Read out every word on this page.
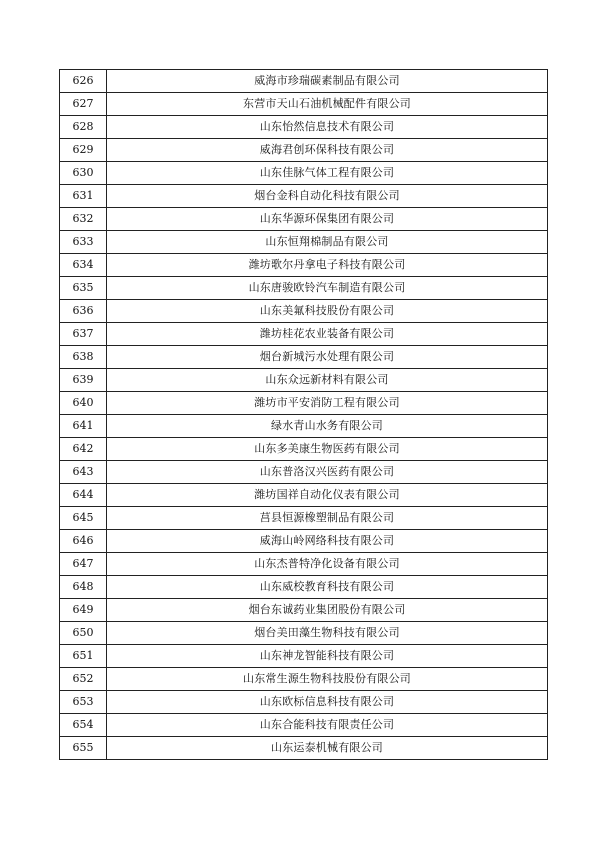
626	威海市珍瑞碳素制品有限公司
627	东营市天山石油机械配件有限公司
628	山东怡然信息技术有限公司
629	威海君创环保科技有限公司
630	山东佳脉气体工程有限公司
631	烟台金科自动化科技有限公司
632	山东华源环保集团有限公司
633	山东恒翔棉制品有限公司
634	潍坊歌尔丹拿电子科技有限公司
635	山东唐骏欧铃汽车制造有限公司
636	山东美氟科技股份有限公司
637	潍坊桂花农业装备有限公司
638	烟台新城污水处理有限公司
639	山东众远新材料有限公司
640	潍坊市平安消防工程有限公司
641	绿水青山水务有限公司
642	山东多美康生物医药有限公司
643	山东普洛汉兴医药有限公司
644	潍坊国祥自动化仪表有限公司
645	莒县恒源橡塑制品有限公司
646	威海山岭网络科技有限公司
647	山东杰普特净化设备有限公司
648	山东威校教育科技有限公司
649	烟台东诚药业集团股份有限公司
650	烟台美田藻生物科技有限公司
651	山东神龙智能科技有限公司
652	山东常生源生物科技股份有限公司
653	山东欧标信息科技有限公司
654	山东合能科技有限责任公司
655	山东运泰机械有限公司
